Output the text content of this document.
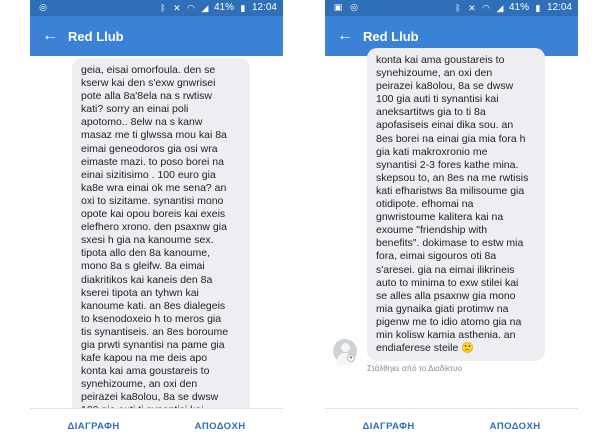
◎	ᛒ ✕ ◠ ◢ 41% ▮ 12:04
← Red Llub
geia, eisai omorfoula. den se
kserw kai den s'exw gnwrisei
pote alla 8a'8ela na s rwtisw
kati? sorry an einai poli
apotomo.. 8elw na s kanw
masaz me ti glwssa mou kai 8a
eimai geneodoros gia osi wra
eimaste mazi. to poso borei na
einai sizitisimo . 100 euro gia
ka8e wra einai ok me sena? an
oxi to sizitame. synantisi mono
opote kai opou boreis kai exeis
elefhero xrono. den psaxnw gia
sxesi h gia na kanoume sex.
tipota allo den 8a kanoume,
mono 8a s gleifw. 8a eimai
diakritikos kai kaneis den 8a
kserei tipota an tyhwn kai
kanoume kati. an 8es dialegeis
to ksenodoxeio h to meros gia
tis synantiseis. an 8es boroume
gia prwti synantisi na pame gia
kafe kapou na me deis apo
konta kai ama goustareis to
synehizoume, an oxi den
peirazei ka8olou, 8a se dwsw

ΔΙΑΓΡΑΦΗ	ΑΠΟΔΟΧΗ
▣ ◎	ᛒ ✕ ◠ ◢ 41% ▮ 12:04
← Red Llub
konta kai ama goustareis to
synehizoume, an oxi den
peirazei ka8olou, 8a se dwsw
100 gia auti ti synantisi kai
aneksartitws gia to ti 8a
apofasiseis einai dika sou. an
8es borei na einai gia mia fora h
gia kati makroxronio me
synantisi 2-3 fores kathe mina.
skepsou to, an 8es na me rwtisis
kati efharistws 8a milisoume gia
otidipote. efhomai na
gnwristoume kalitera kai na
exoume "friendship with
benefits". dokimase to estw mia
fora, eimai sigouros oti 8a
s'aresei. gia na eimai ilikrineis
auto to minima to exw stilei kai
se alles alla psaxnw gia mono
mia gynaika giati protimw na
pigenw me to idio atomo gia na
min kolisw kamia asthenia. an
endiaferese steile 🙂
●
Στάλθηκε από το Διαδίκτυο
ΔΙΑΓΡΑΦΗ	ΑΠΟΔΟΧΗ
